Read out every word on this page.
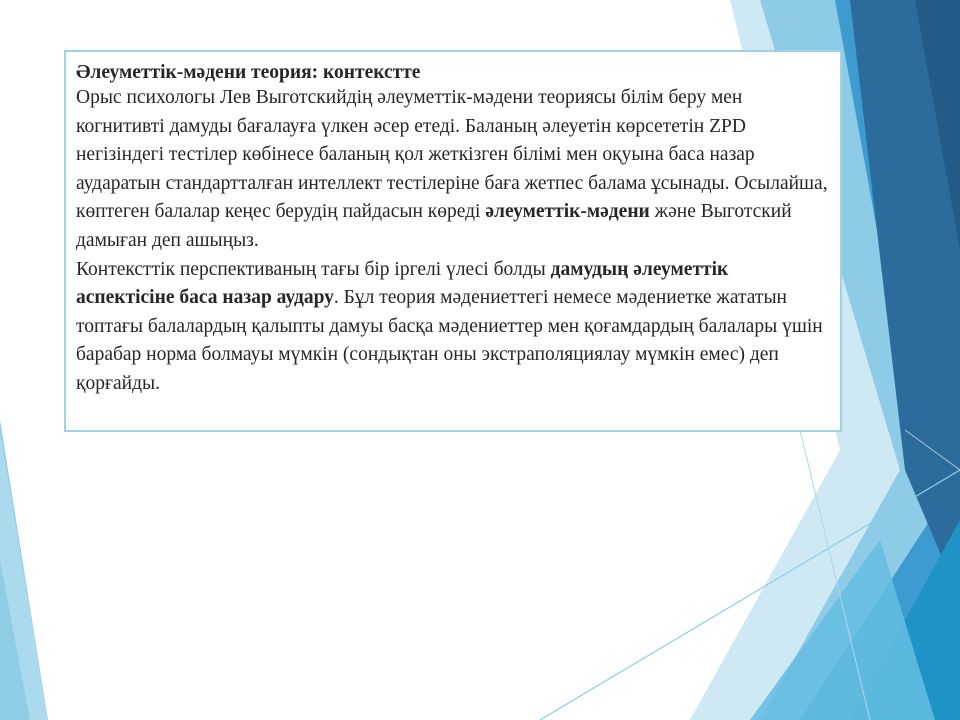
Әлеуметтік-мәдени теория: контекстте

Орыс психологы Лев Выготскийдің әлеуметтік-мәдени теориясы білім беру мен когнитивті дамуды бағалауға үлкен әсер етеді. Баланың әлеуетін көрсететін ZPD негізіндегі тестілер көбінесе баланың қол жеткізген білімі мен оқуына баса назар аударатын стандартталған интеллект тестілеріне баға жетпес балама ұсынады. Осылайша, көптеген балалар кеңес берудің пайдасын көреді әлеуметтік-мәдени және Выготский дамыған деп ашыңыз.

Контексттік перспективаның тағы бір іргелі үлесі болды дамудың әлеуметтік аспектісіне баса назар аудару. Бұл теория мәдениеттегі немесе мәдениетке жататын топтағы балалардың қалыпты дамуы басқа мәдениеттер мен қоғамдардың балалары үшін барабар норма болмауы мүмкін (сондықтан оны экстраполяциялау мүмкін емес) деп қорғайды.
